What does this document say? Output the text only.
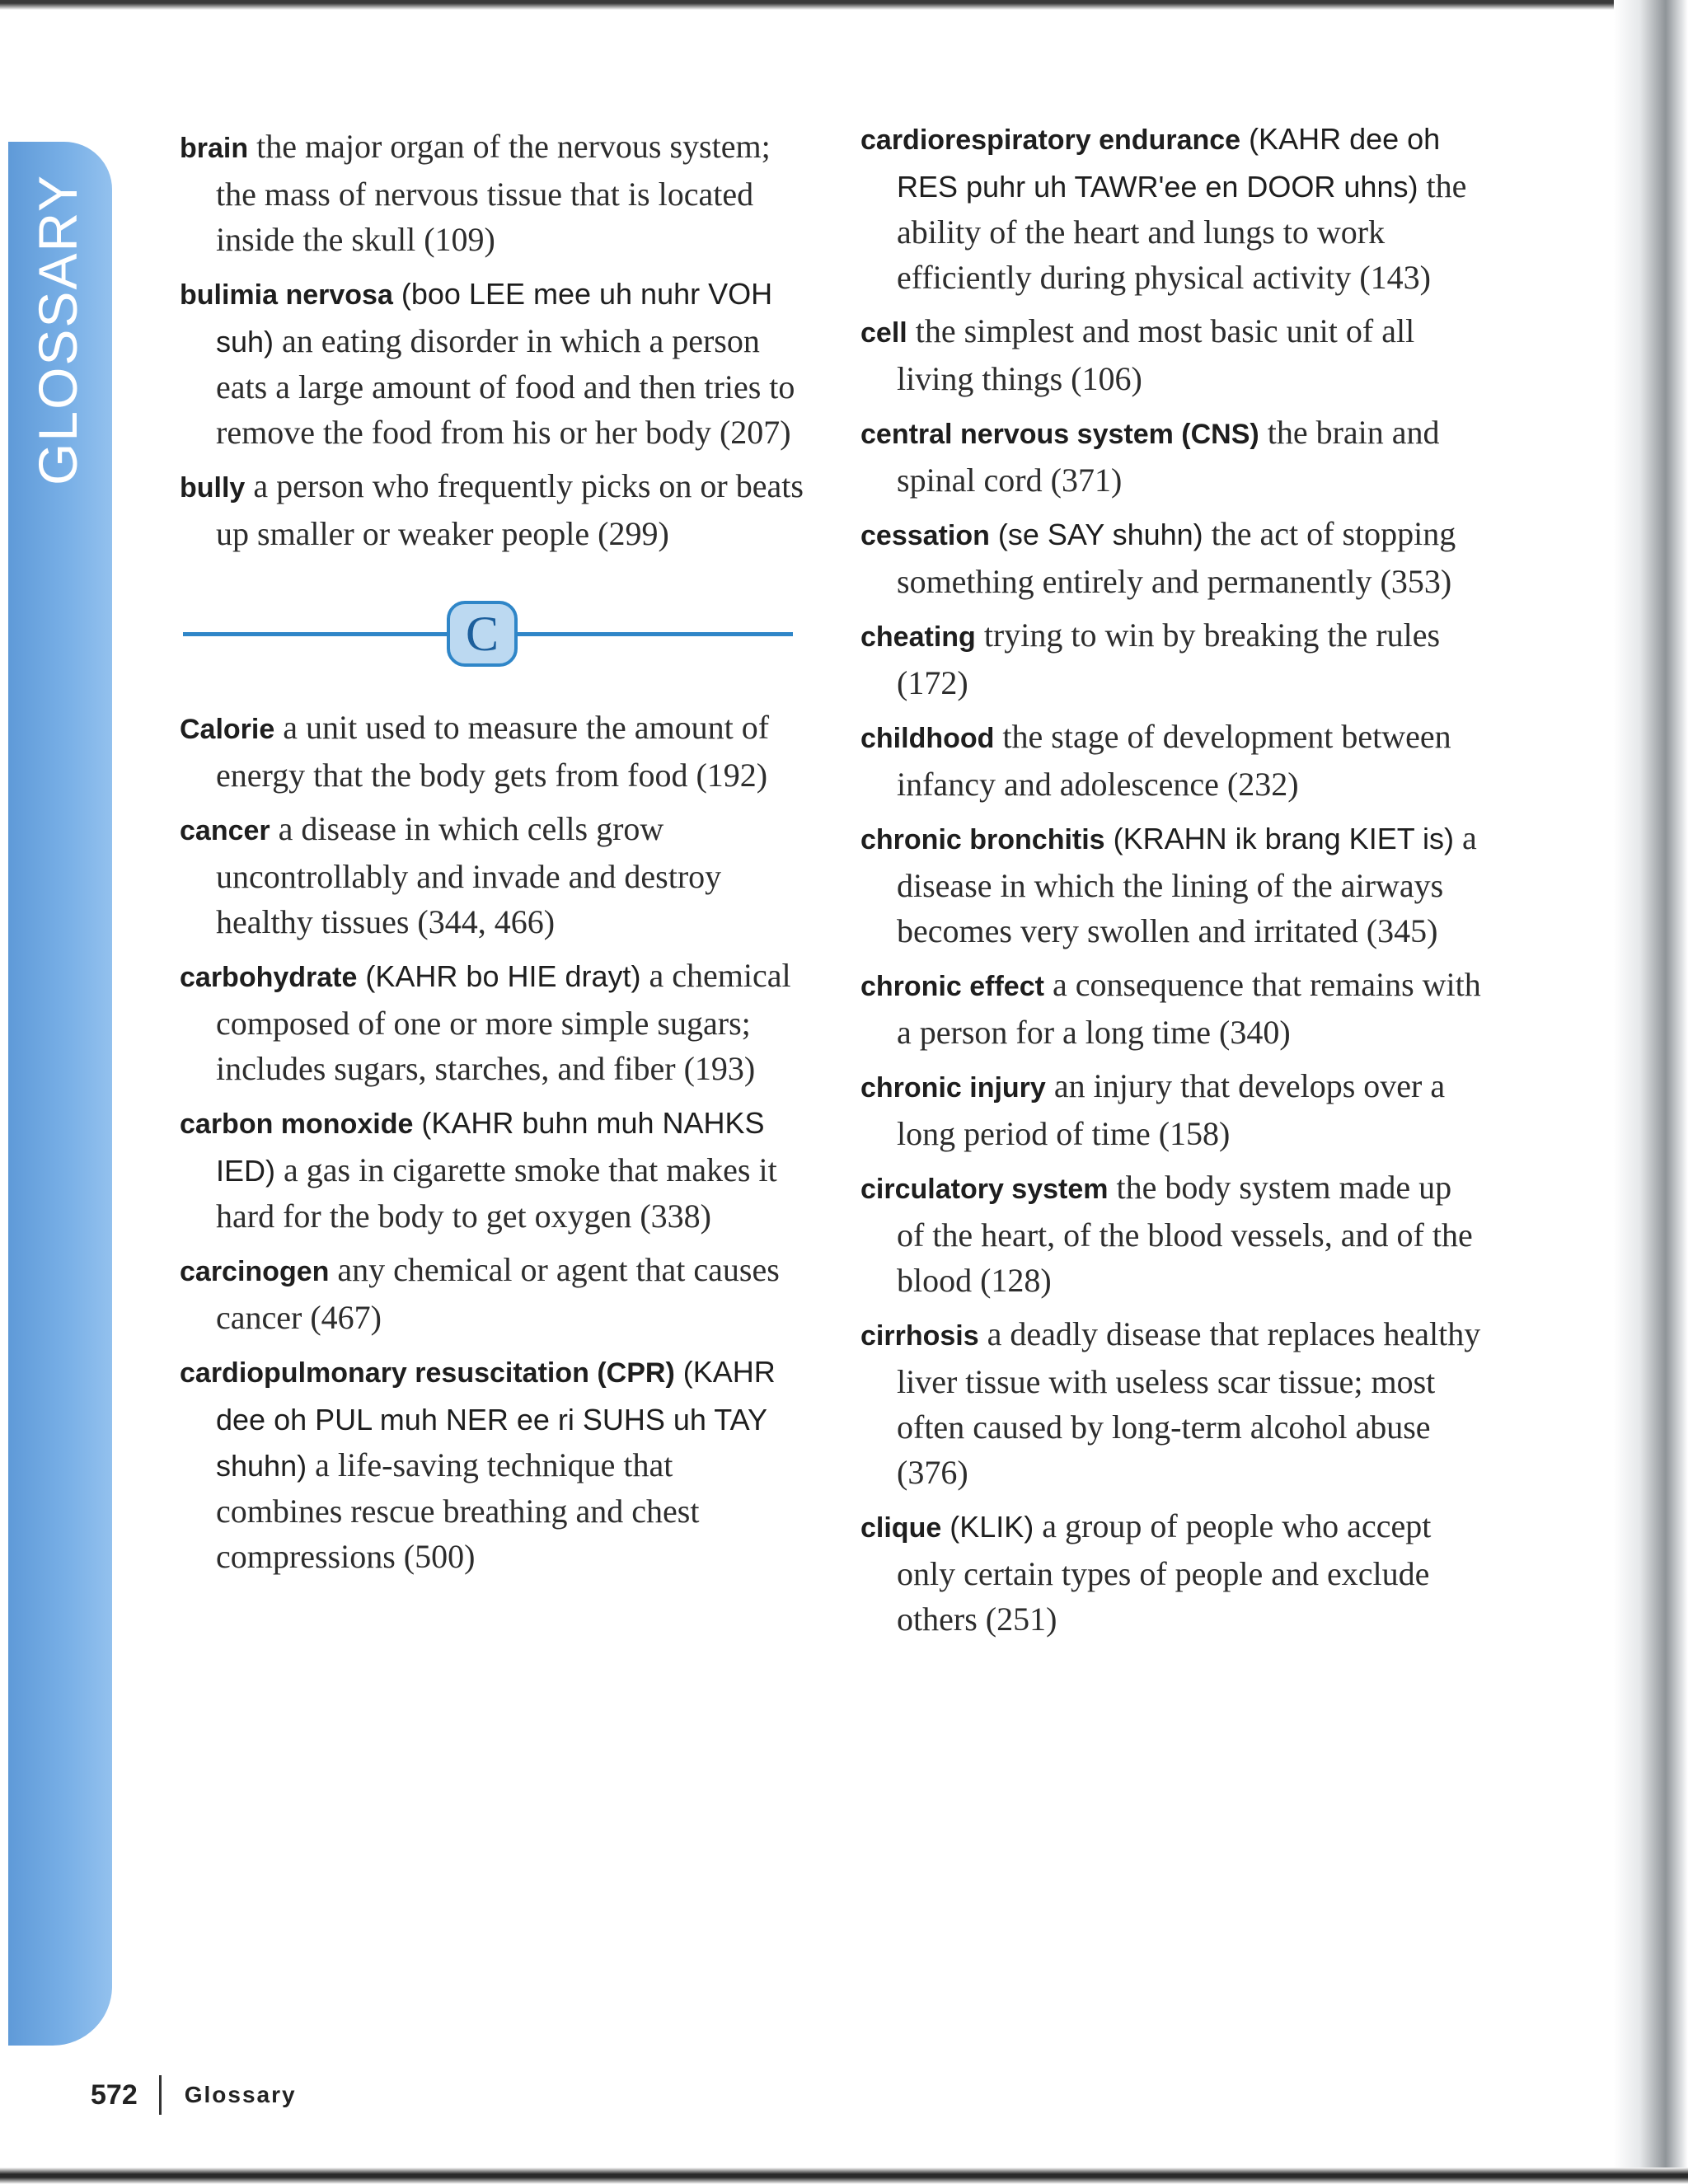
GLOSSARY

brain the major organ of the nervous system; the mass of nervous tissue that is located inside the skull (109)

bulimia nervosa (boo LEE mee uh nuhr VOH suh) an eating disorder in which a person eats a large amount of food and then tries to remove the food from his or her body (207)

bully a person who frequently picks on or beats up smaller or weaker people (299)

C

Calorie a unit used to measure the amount of energy that the body gets from food (192)

cancer a disease in which cells grow uncontrollably and invade and destroy healthy tissues (344, 466)

carbohydrate (KAHR bo HIE drayt) a chemical composed of one or more simple sugars; includes sugars, starches, and fiber (193)

carbon monoxide (KAHR buhn muh NAHKS IED) a gas in cigarette smoke that makes it hard for the body to get oxygen (338)

carcinogen any chemical or agent that causes cancer (467)

cardiopulmonary resuscitation (CPR) (KAHR dee oh PUL muh NER ee ri SUHS uh TAY shuhn) a life-saving technique that combines rescue breathing and chest compressions (500)

cardiorespiratory endurance (KAHR dee oh RES puhr uh TAWR'ee en DOOR uhns) the ability of the heart and lungs to work efficiently during physical activity (143)

cell the simplest and most basic unit of all living things (106)

central nervous system (CNS) the brain and spinal cord (371)

cessation (se SAY shuhn) the act of stopping something entirely and permanently (353)

cheating trying to win by breaking the rules (172)

childhood the stage of development between infancy and adolescence (232)

chronic bronchitis (KRAHN ik brang KIET is) a disease in which the lining of the airways becomes very swollen and irritated (345)

chronic effect a consequence that remains with a person for a long time (340)

chronic injury an injury that develops over a long period of time (158)

circulatory system the body system made up of the heart, of the blood vessels, and of the blood (128)

cirrhosis a deadly disease that replaces healthy liver tissue with useless scar tissue; most often caused by long-term alcohol abuse (376)

clique (KLIK) a group of people who accept only certain types of people and exclude others (251)

572 Glossary
